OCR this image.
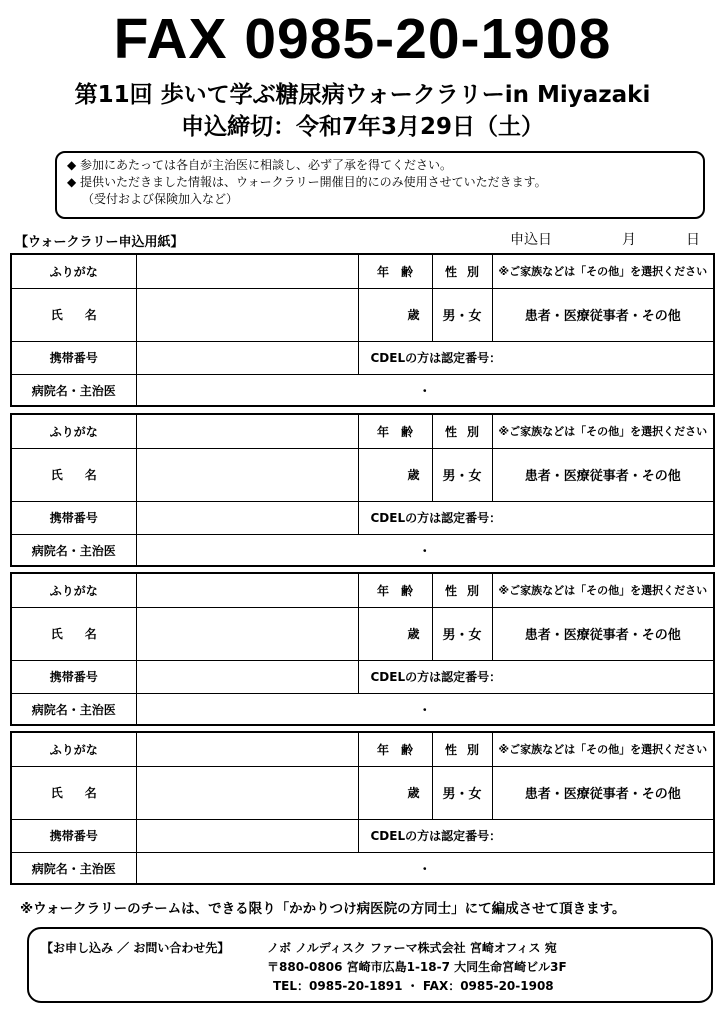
FAX 0985-20-1908
第11回 歩いて学ぶ糖尿病ウォークラリーin Miyazaki
申込締切：令和7年3月29日（土）
◆ 参加にあたっては各自が主治医に相談し、必ず了承を得てください。
◆ 提供いただきました情報は、ウォークラリー開催目的にのみ使用させていただきます。
（受付および保険加入など）
【ウォークラリー申込用紙】	申込日	月	日
ふりがな		年齢	性別	※ご家族などは「その他」を選択ください
氏名		歳	男・女	患者・医療従事者・その他
携帯番号		CDELの方は認定番号：		
病院名・主治医	・			
ふりがな		年齢	性別	※ご家族などは「その他」を選択ください
氏名		歳	男・女	患者・医療従事者・その他
携帯番号		CDELの方は認定番号：		
病院名・主治医	・			
ふりがな		年齢	性別	※ご家族などは「その他」を選択ください
氏名		歳	男・女	患者・医療従事者・その他
携帯番号		CDELの方は認定番号：		
病院名・主治医	・			
ふりがな		年齢	性別	※ご家族などは「その他」を選択ください
氏名		歳	男・女	患者・医療従事者・その他
携帯番号		CDELの方は認定番号：		
病院名・主治医	・			
※ウォークラリーのチームは、できる限り「かかりつけ病医院の方同士」にて編成させて頂きます。
【お申し込み ／ お問い合わせ先】	ノボ ノルディスク ファーマ株式会社 宮崎オフィス 宛
〒880-0806 宮崎市広島1-18-7 大同生命宮崎ビル3F
TEL：0985-20-1891 ・ FAX：0985-20-1908
